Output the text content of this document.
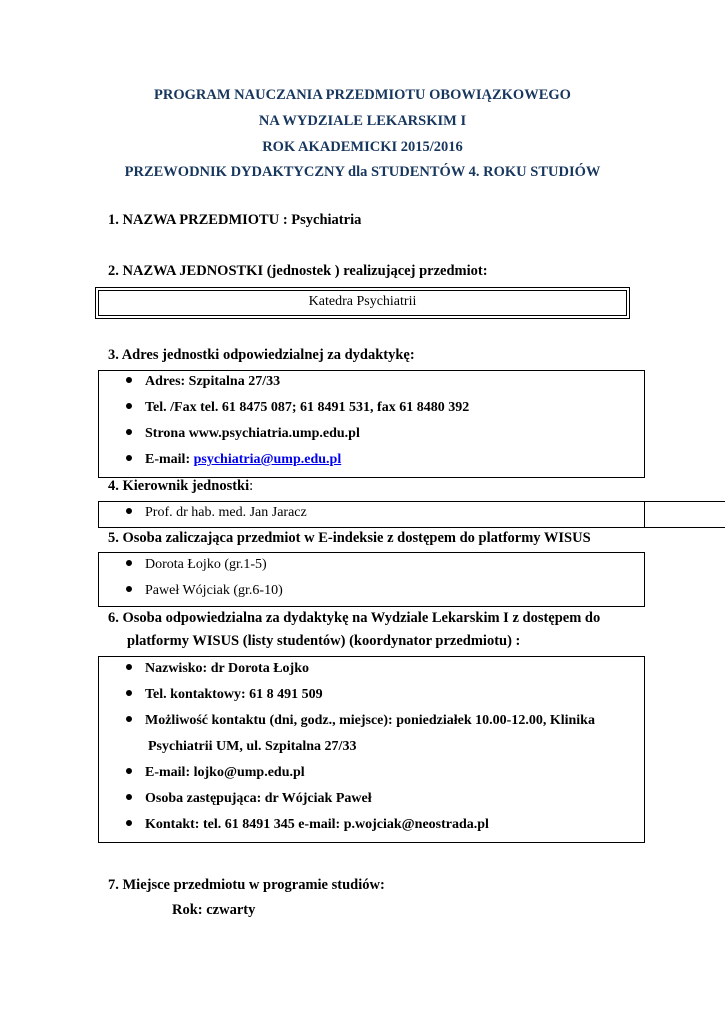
PROGRAM NAUCZANIA PRZEDMIOTU OBOWIĄZKOWEGO
NA WYDZIALE LEKARSKIM I
ROK AKADEMICKI 2015/2016
PRZEWODNIK DYDAKTYCZNY dla STUDENTÓW 4. ROKU STUDIÓW
1. NAZWA PRZEDMIOTU : Psychiatria
2. NAZWA JEDNOSTKI (jednostek ) realizującej przedmiot:
Katedra Psychiatrii
3. Adres jednostki odpowiedzialnej za dydaktykę:
Adres: Szpitalna 27/33
Tel. /Fax tel. 61 8475 087; 61 8491 531, fax 61 8480 392
Strona www.psychiatria.ump.edu.pl
E-mail: psychiatria@ump.edu.pl
4. Kierownik jednostki:
Prof. dr hab. med. Jan Jaracz
5. Osoba zaliczająca przedmiot w E-indeksie z dostępem do platformy WISUS
Dorota Łojko (gr.1-5)
Paweł Wójciak (gr.6-10)
6. Osoba odpowiedzialna za dydaktykę na Wydziale Lekarskim I z dostępem do
platformy WISUS (listy studentów) (koordynator przedmiotu) :
Nazwisko: dr Dorota Łojko
Tel. kontaktowy: 61 8 491 509
Możliwość kontaktu (dni, godz., miejsce): poniedziałek 10.00-12.00, Klinika
Psychiatrii UM, ul. Szpitalna 27/33
E-mail: lojko@ump.edu.pl
Osoba zastępująca: dr Wójciak Paweł
Kontakt: tel. 61 8491 345 e-mail: p.wojciak@neostrada.pl
7. Miejsce przedmiotu w programie studiów:
Rok: czwarty
